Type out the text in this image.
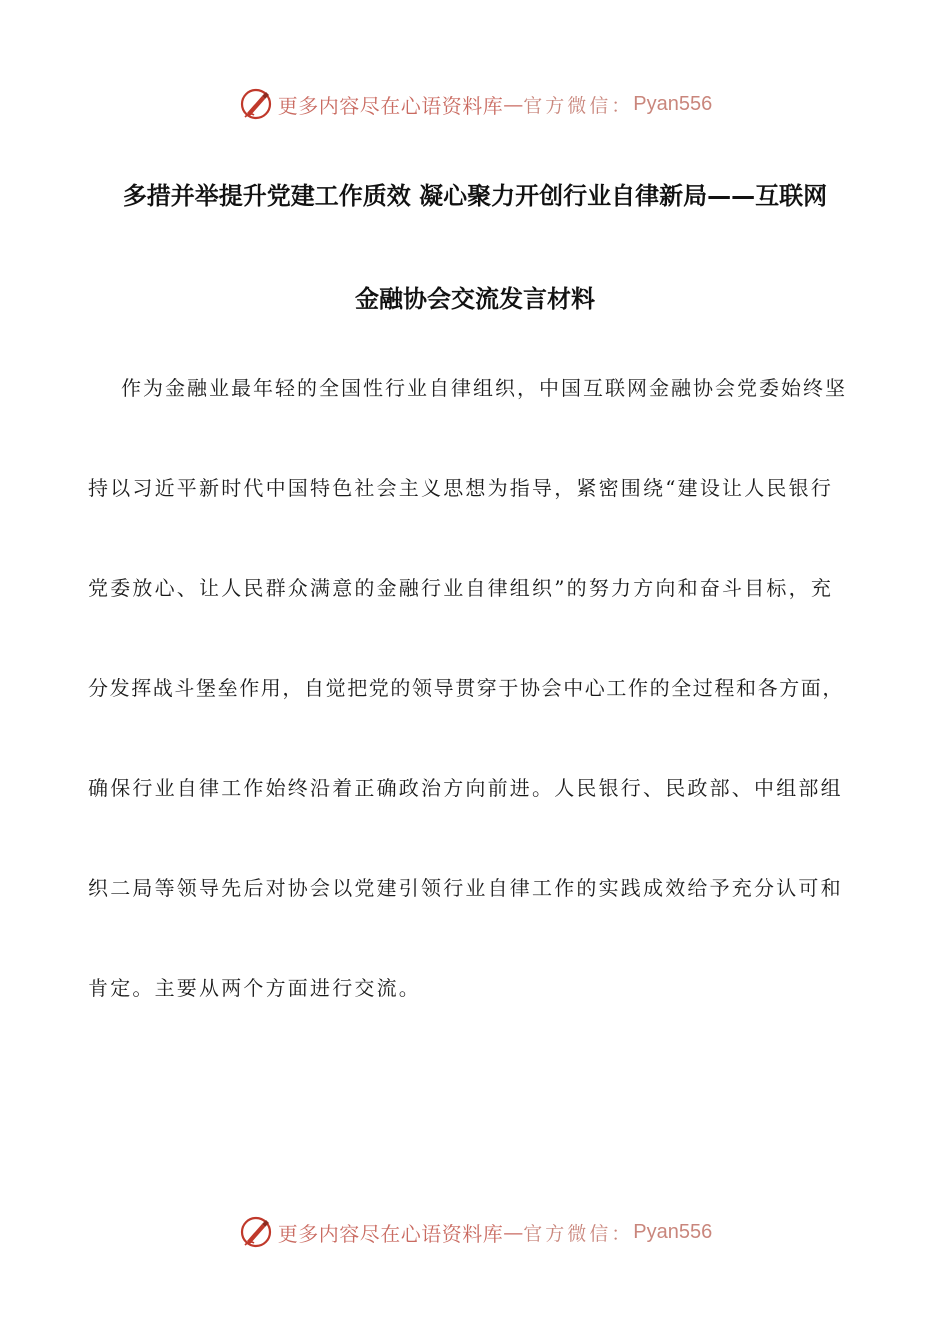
更多内容尽在心语资料库 — 官方微信： Pyan556
多措并举提升党建工作质效 凝心聚力开创行业自律新局——互联网
金融协会交流发言材料

作为金融业最年轻的全国性行业自律组织，中国互联网金融协会党委始终坚

持以习近平新时代中国特色社会主义思想为指导，紧密围绕“建设让人民银行

党委放心、让人民群众满意的金融行业自律组织”的努力方向和奋斗目标，充

分发挥战斗堡垒作用，自觉把党的领导贯穿于协会中心工作的全过程和各方面，

确保行业自律工作始终沿着正确政治方向前进。人民银行、民政部、中组部组

织二局等领导先后对协会以党建引领行业自律工作的实践成效给予充分认可和

肯定。主要从两个方面进行交流。

更多内容尽在心语资料库 — 官方微信： Pyan556
